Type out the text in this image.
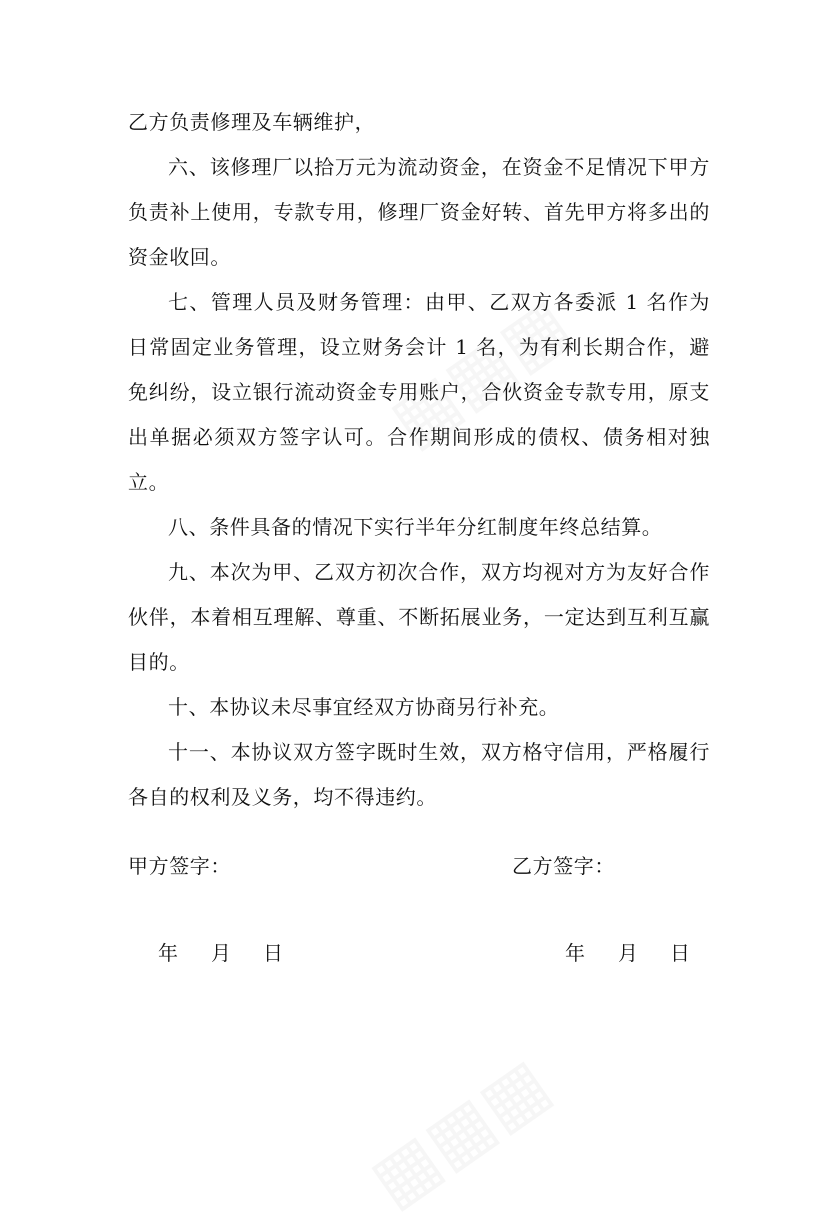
乙方负责修理及车辆维护，

六、该修理厂以拾万元为流动资金，在资金不足情况下甲方负责补上使用，专款专用，修理厂资金好转、首先甲方将多出的资金收回。

七、管理人员及财务管理：由甲、乙双方各委派 1 名作为日常固定业务管理，设立财务会计 1 名，为有利长期合作，避免纠纷，设立银行流动资金专用账户，合伙资金专款专用，原支出单据必须双方签字认可。合作期间形成的债权、债务相对独立。

八、条件具备的情况下实行半年分红制度年终总结算。

九、本次为甲、乙双方初次合作，双方均视对方为友好合作伙伴，本着相互理解、尊重、不断拓展业务，一定达到互利互赢目的。

十、本协议未尽事宜经双方协商另行补充。

十一、本协议双方签字既时生效，双方格守信用，严格履行各自的权利及义务，均不得违约。

甲方签字：	乙方签字：
年 月 日	年 月 日
